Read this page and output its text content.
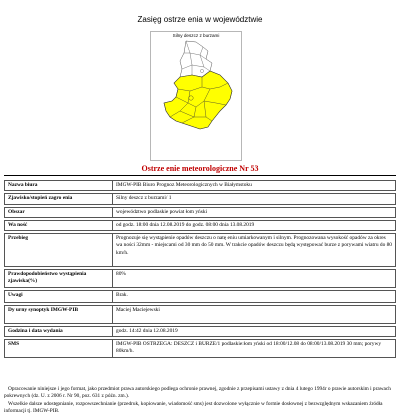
Zasięg ostrze enia w województwie
Silny deszcz z burzami
Ostrze enie meteorologiczne Nr 53
Nazwa biura	IMGW-PIB Biuro Prognoz Meteorologicznych w Białymstoku

Zjawisko/stopień zagro enia	Silny deszcz z burzami/ 1

Obszar	województwo podlaskie powiat łom yński

Wa ność	od godz. 18:00 dnia 12.08.2019 do godz. 08:00 dnia 13.08.2019

Przebieg	Prognozuje się wystąpienie opadów deszczu o natę eniu umiarkowanym i silnym. Prognozowana wysokość opadów za okres wa ności 32mm - miejscami od 30 mm do 50 mm. W trakcie opadów deszczu będą występować burze z porywami wiatru do 80 km/h.

Prawdopodobieństwo wystąpienia zjawiska(%)	80%

Uwagi	Brak.

Dy urny synoptyk IMGW-PIB	Maciej Maciejewski

Godzina i data wydania	godz. 14:42 dnia 12.08.2019

SMS	IMGW-PIB OSTRZEGA: DESZCZ i BURZE/1 podlaskie:łom yński od 18:00/12.08 do 08:00/13.08.2019 30 mm; porywy 80km/h.

Opracowanie niniejsze i jego format, jako przedmiot prawa autorskiego podlega ochronie prawnej, zgodnie z przepisami ustawy z dnia 4 lutego 1994r o prawie autorskim i prawach pokrewnych (dz. U. z 2006 r. Nr 90, poz. 631 z późn. zm.).

Wszelkie dalsze udostępnianie, rozpowszechnianie (przedruk, kopiowanie, wiadomość sms) jest dozwolone wyłącznie w formie dosłownej z bezwzględnym wskazaniem źródła informacji tj. IMGW-PIB.
